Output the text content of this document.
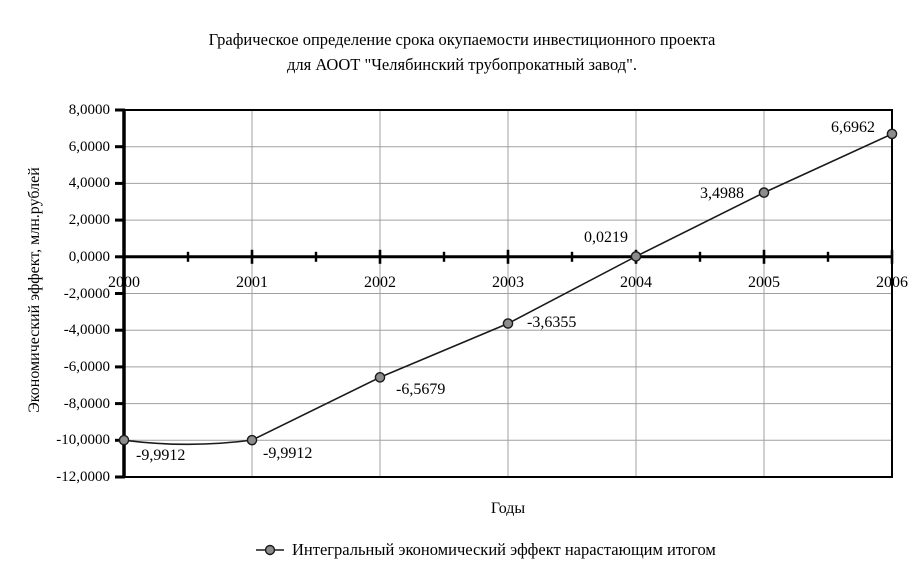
Графическое определение срока окупаемости инвестиционного проекта
для АООТ "Челябинский трубопрокатный завод".
Экономический эффект, млн.рублей
Годы
Интегральный экономический эффект нарастающим итогом
8,0000
6,0000
4,0000
2,0000
0,0000
-2,0000
-4,0000
-6,0000
-8,0000
-10,0000
-12,0000
2000	2001	2002	2003	2004	2005	2006
-9,9912	-9,9912
-6,5679
-3,6355
0,0219
3,4988
6,6962
